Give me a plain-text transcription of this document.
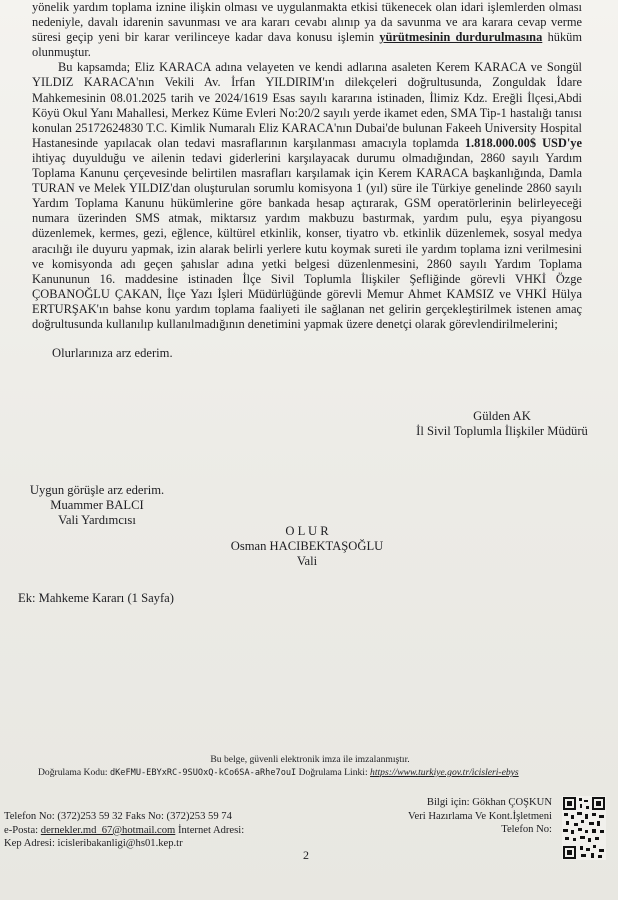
yönelik yardım toplama iznine ilişkin olması ve uygulanmakta etkisi tükenecek olan idari işlemlerden olması nedeniyle, davalı idarenin savunması ve ara kararı cevabı alınıp ya da savunma ve ara karara cevap verme süresi geçip yeni bir karar verilinceye kadar dava konusu işlemin yürütmesinin durdurulmasına hüküm olunmuştur.

Bu kapsamda; Eliz KARACA adına velayeten ve kendi adlarına asaleten Kerem KARACA ve Songül YILDIZ KARACA'nın Vekili Av. İrfan YILDIRIM'ın dilekçeleri doğrultusunda, Zonguldak İdare Mahkemesinin 08.01.2025 tarih ve 2024/1619 Esas sayılı kararına istinaden, İlimiz Kdz. Ereğli İlçesi,Abdi Köyü Okul Yanı Mahallesi, Merkez Küme Evleri No:20/2 sayılı yerde ikamet eden, SMA Tip-1 hastalığı tanısı konulan 25172624830 T.C. Kimlik Numaralı Eliz KARACA'nın Dubai'de bulunan Fakeeh University Hospital Hastanesinde yapılacak olan tedavi masraflarının karşılanması amacıyla toplamda 1.818.000.00$ USD'ye ihtiyaç duyulduğu ve ailenin tedavi giderlerini karşılayacak durumu olmadığından, 2860 sayılı Yardım Toplama Kanunu çerçevesinde belirtilen masrafları karşılamak için Kerem KARACA başkanlığında, Damla TURAN ve Melek YILDIZ'dan oluşturulan sorumlu komisyona 1 (yıl) süre ile Türkiye genelinde 2860 sayılı Yardım Toplama Kanunu hükümlerine göre bankada hesap açtırarak, GSM operatörlerinin belirleyeceği numara üzerinden SMS atmak, miktarsız yardım makbuzu bastırmak, yardım pulu, eşya piyangosu düzenlemek, kermes, gezi, eğlence, kültürel etkinlik, konser, tiyatro vb. etkinlik düzenlemek, sosyal medya aracılığı ile duyuru yapmak, izin alarak belirli yerlere kutu koymak sureti ile yardım toplama izni verilmesini ve komisyonda adı geçen şahıslar adına yetki belgesi düzenlenmesini, 2860 sayılı Yardım Toplama Kanununun 16. maddesine istinaden İlçe Sivil Toplumla İlişkiler Şefliğinde görevli VHKİ Özge ÇOBANOĞLU ÇAKAN, İlçe Yazı İşleri Müdürlüğünde görevli Memur Ahmet KAMSIZ ve VHKİ Hülya ERTURŞAK'ın bahse konu yardım toplama faaliyeti ile sağlanan net gelirin gerçekleştirilmek istenen amaç doğrultusunda kullanılıp kullanılmadığının denetimini yapmak üzere denetçi olarak görevlendirilmelerini;

Olurlarınıza arz ederim.
Gülden AK
İl Sivil Toplumla İlişkiler Müdürü
Uygun görüşle arz ederim.
Muammer BALCI
Vali Yardımcısı
O L U R
Osman HACIBEKTAŞOĞLU
Vali
Ek: Mahkeme Kararı (1 Sayfa)
Bu belge, güvenli elektronik imza ile imzalanmıştır.
Doğrulama Kodu: dKeFMU-EBYxRC-9SUOxQ-kCo6SA-aRhe7ouI Doğrulama Linki: https://www.turkiye.gov.tr/icisleri-ebys
Telefon No: (372)253 59 32 Faks No: (372)253 59 74
e-Posta: dernekler.md_67@hotmail.com İnternet Adresi:
Kep Adresi: icisleribakanligi@hs01.kep.tr
Bilgi için: Gökhan ÇOŞKUN
Veri Hazırlama Ve Kont.İşletmeni
Telefon No:
2
